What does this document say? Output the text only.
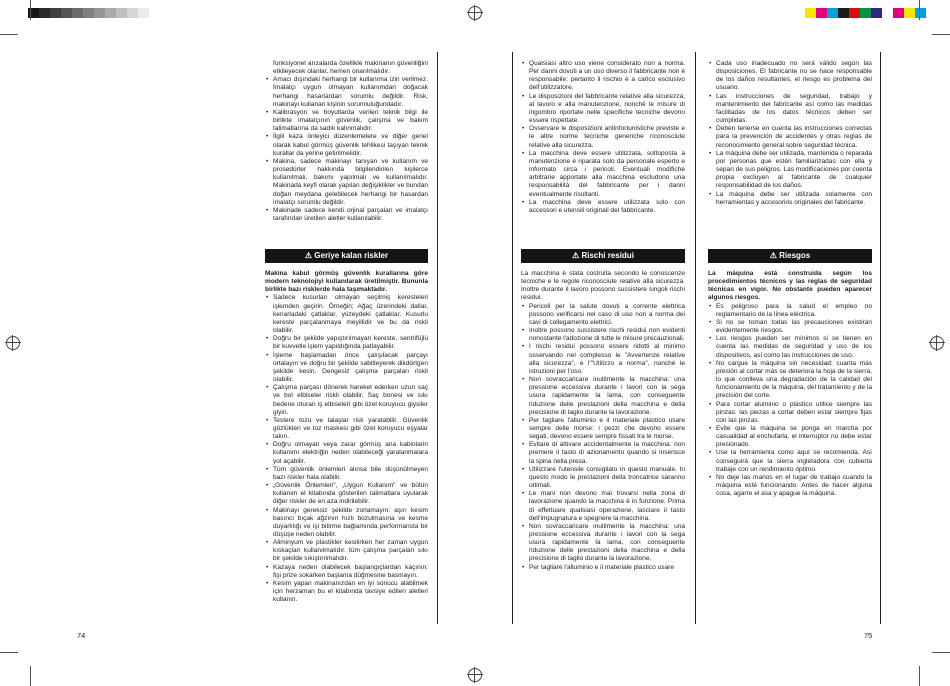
fonksiyonel arızalarda özellikle makinanın güvenliğini etkileyecek olanlar, hemen onarılmalıdır.
• Amacı dışındaki herhangi bir kullanıma izin verilmez. İmalatçı uygun olmayan kullanımdan doğacak herhangi hasarlardan sorumlu değildir. Risk, makinayı kullanan kişinin sorumluluğundadır.
• Kalibrasyon ve boyutlarda verilen teknik bilgi ile birlikte imalatçının güvenlik, çalışma ve bakım talimatlarına da sadık kalınmalıdır.
• İlgili kaza önleyici düzenlemelere ve diğer genel olarak kabul görmüş güvenlik tehlikesi taşıyan teknik kurallar da yerine getirilmelidir.
• Makina, sadece makinayı tanıyan ve kullanım ve prosedürler hakkında bilgilendirilen kişilerce kullanılmalı, bakımı yapılmalı ve kullanılmalıdır. Makinada keyfi olarak yapılan değişiklikler ve bundan doğan meydana gelebilecek herhangi bir hasardan imalatçı sorumlu değildir.
• Makinade sadece kendi orjinal parçaları ve imalatçı tarafından üretilen aletler kullanılabilir.
⚠ Geriye kalan riskler

Makina kabul görmüş güvenlik kurallarına göre modern teknolojiyi kullanılarak üretilmiştir. Bununla birlikte bazı risklerde hala taşımaktadır.

• Sadece kusurları olmayan seçilmiş keresteleri işlemden geçirin. Örneğin; Ağaç üzerindeki dallar, kenarladaki çatlaklar, yüzeydeki çatlaklar. Kusurlu kereste parçalanmaya meyillidir ve bu da riskli olabilir.
• Doğru bir şekilde yapıştırılmayan kereste, sentrifüjlü bir kuvvetle işlem yapıldığında patlayabilir.
• İşleme başlamadan önce çalışılacak parçayı ortalayın ve doğru bir şekilde sabitleyerek dikdörtgen şekilde kesin. Dengesiz çalışma parçaları riskli olabilir.
• Çalışma parçası dönerek hareket ederken uzun saç ve bol elbiseler riskli olabilir. Saç bonesi ve sıkı bedene oturan iş elbiseleri gibi özel koruyucu giysiler giyin.
• Testere tozu ve talaşlar risk yaratabilir. Güvenlik gözlükleri ve toz maskesi gibi özel koruyucu eşyalar takın.
• Doğru olmayan veya zarar görmüş ana kablolarin kullanımı elektriğin neden olabileceği yaralanmalara yol açabilir.
• Tüm güvenlik önlemleri alınsa bile düşünülmeyen bazı riskler hala olabilir.
• „Güvenlik Önlemleri", „Uygun Kullanım" ve bütün kullanım el kitabında gösterilen talimatlara uyularak diğer riskler de en aza indirilebilir.
• Makinayı gereksiz şekilde zorlamayın: aşırı kesim basıncı bıçak ağzının hızlı bozulmasına ve kesme duyarlılığı ve işi bitirme bağlamında performansta bir düşüşe neden olabilir.
• Aliminyum ve plastikler kesilirken her zaman uygun kıskaçları kullanılmalıdır. tüm çalışma parçaları sıkı bir şekilde sıkıştırılmalıdır.
• Kazaya neden olabilecek başlangıçlardan kaçının: fişi prize sokarken başlama düğmesine basmayın.
• Kesim yapan makinanızdan en iyi sonucu alabilmek için herzaman bu el kitabında tavsiye edilen aletleri kullanın.
• Qualsiasi altro uso viene considerato non a norma. Per danni dovuti a un uso diverso il fabbricante non è responsabile; pertanto il rischio è a carico esclusivo dell'utilizzatore.
• Le disposizioni del fabbricante relative alla sicurezza, al lavoro e alla manutenzione, nonché le misure di ingombro riportate nelle specifiche tecniche devono essere rispettate.
• Osservare le disposizioni antinfortunistiche previste e le altre norme tecniche generiche riconosciute relative alla sicurezza.
• La macchina deve essere utilizzata, sottoposta a manutenzione e riparata solo da personale esperto e informato circa i pericoli. Eventuali modifiche arbitrarie apportate alla macchina escludono una responsabilità del fabbricante per i danni eventualmente risultanti.
• La macchina deve essere utilizzata solo con accessori e utensili originali del fabbricante.
⚠ Rischi residui

La macchina è stata costruita secondo le conoscenze tecniche e le regole riconosciute relative alla sicurezza. Inoltre durante il lavoro possono sussistere singoli rischi residui.

• Pericoli per la salute dovuti a corrente elettrica possono verificarsi nel caso di uso non a norma dei cavi di collegamento elettrici.
• Inoltre possono sussistere rischi residui non evidenti nonostante l'adozione di tutte le misure precauzionali.
• I rischi residui possono essere ridotti al minimo osservando nel complesso le "Avvertenze relative alla sicurezza", e l'"Utilizzo a norma", nonché le istruzioni per l'uso.
• Non sovraccaricare inutilmente la macchina: una pressione eccessiva durante i lavori con la sega usura rapidamente la lama, con conseguente riduzione delle prestazioni della macchina e della precisione di taglio durante la lavorazione.
• Per tagliare l'alluminio e il materiale plastico usare sempre delle morse: i pezzi che devono essere segati, devono essere sempre fissati tra le morse.
• Evitare di attivare accidentalmente la macchina: non premere il tasto di azionamento quando si inserisce la spina nella presa.
• Utilizzare l'utensile consigliato in questo manuale. In questo modo le prestazioni della troncatrice saranno ottimali.
• Le mani non devono mai trovarsi nella zona di lavorazione quando la macchina è in funzione. Prima di effettuare qualsiasi operazione, lasciare il tasto dell'impugnatura e spegnere la macchina.
• Non sovraccaricare inutilmente la macchina: una pressione eccessiva durante i lavori con la sega usura rapidamente la lama, con conseguente riduzione delle prestazioni della macchina e della precisione di taglio durante la lavorazione.
• Per tagliare l'alluminio e il materiale plastico usare
• Cada uso inadecuado no será válido según las disposiciones. El fabricante no se hace responsable de los daños resultantes, el riesgo es problema del usuario.
• Las instrucciones de seguridad, trabajo y mantenimiento del fabricante así como las medidas facilitadas de los datos técnicos deben ser cumplidas.
• Deben tenerse en cuenta las instrucciones correctas para la prevención de accidentes y otras reglas de reconocimiento general sobre seguridad técnica.
• La máquina debe ser utilizada, mantenida o reparada por personas que estén familiarizadas con ella y sepan de sus peligros. Las modificaciones por cuenta propia excluyen al fabricante de cualquier responsabilidad de los daños.
• La máquina debe ser utilizada solamente con herramientas y accesorios originales del fabricante.
⚠ Riesgos

La máquina está construida según los procedimientos técnicos y las reglas de seguridad técnicas en vigor. No obstante pueden aparecer algunos riesgos.

• Es peligroso para la salud el empleo no reglamentario de la línea eléctrica.
• Si no se toman todas las precauciones existirán evidentemente riesgos.
• Los riesgos pueden ser mínimos si se tienen en cuenta las medidas de seguridad y uso de los dispositivos, así como las instrucciones de uso.
• No cargue la máquina sin necesidad: cuanta más presión al cortar más se deteriora la hoja de la sierra, lo que conlleva una degradación de la calidad del funcionamiento de la máquina, del tratamiento y de la precisión del corte.
• Para cortar aluminio o plástico utilice siempre las pinzas: las piezas a cortar deben estar siempre fijas con las pinzas.
• Evite que la máquina se ponga en marcha por casualidad al enchufarla, el interruptor no debe estar presionado.
• Use la herramienta como aquí se recomienda. Así conseguirá que la sierra ingletadora con cubierta trabaje con un rendimiento óptimo.
• No deje las manos en el lugar de trabajo cuando la máquina esté funcionando. Antes de hacer alguna cosa, agarre el asa y apague la máquina.
74	75
